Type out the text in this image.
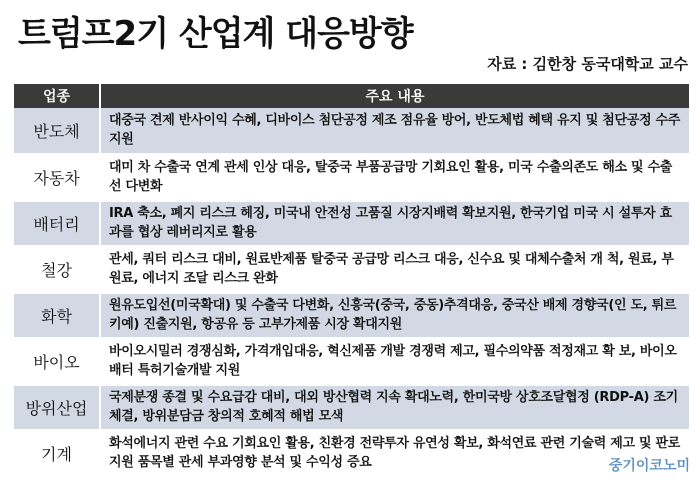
트럼프2기 산업계 대응방향
자료 : 김한창 동국대학교 교수
업종		주요 내용
반도체		대중국 견제 반사이익 수혜, 디바이스 첨단공정 제조 점유율 방어, 반도체법 혜택 유지 및 첨단공정 수주지원
자동차		대미 차 수출국 연계 관세 인상 대응, 탈중국 부품공급망 기회요인 활용, 미국 수출의존도 해소 및 수출선 다변화
배터리		IRA 축소, 폐지 리스크 헤징, 미국내 안전성 고품질 시장지배력 확보지원, 한국기업 미국 시 설투자 효과를 협상 레버리지로 활용
철강		관세, 쿼터 리스크 대비, 원료반제품 탈중국 공급망 리스크 대응, 신수요 및 대체수출처 개 척, 원료, 부원료, 에너지 조달 리스크 완화
화학		원유도입선(미국확대) 및 수출국 다변화, 신흥국(중국, 중동)추격대응, 중국산 배제 경향국(인 도, 튀르키예) 진출지원, 항공유 등 고부가제품 시장 확대지원
바이오		바이오시밀러 경쟁심화, 가격개입대응, 혁신제품 개발 경쟁력 제고, 필수의약품 적정재고 확 보, 바이오배터 특허기술개발 지원
방위산업		국제분쟁 종결 및 수요급감 대비, 대외 방산협력 지속 확대노력, 한미국방 상호조달협정 (RDP-A) 조기체결, 방위분담금 창의적 호혜적 해법 모색
기계		화석에너지 관련 수요 기회요인 활용, 친환경 전략투자 유연성 확보, 화석연료 관련 기술력 제고 및 판로지원 품목별 관세 부과영향 분석 및 수익성 증요	중기이코노미
